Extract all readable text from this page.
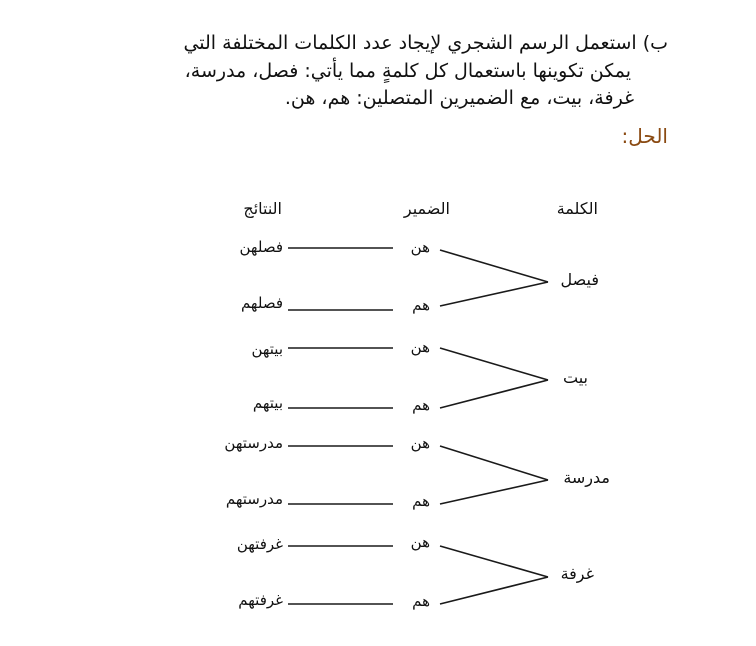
ب) استعمل الرسم الشجري لإيجاد عدد الكلمات المختلفة التي
يمكن تكوينها باستعمال كل كلمةٍ مما يأتي: فصل، مدرسة،
غرفة، بيت، مع الضميرين المتصلين: هم، هن.
الحل:
الكلمة
الضمير
النتائج
فيصل
هن
هم
فصلهن
فصلهم
بيت
هن
هم
بيتهن
بيتهم
مدرسة
هن
هم
مدرستهن
مدرستهم
غرفة
هن
هم
غرفتهن
غرفتهم
